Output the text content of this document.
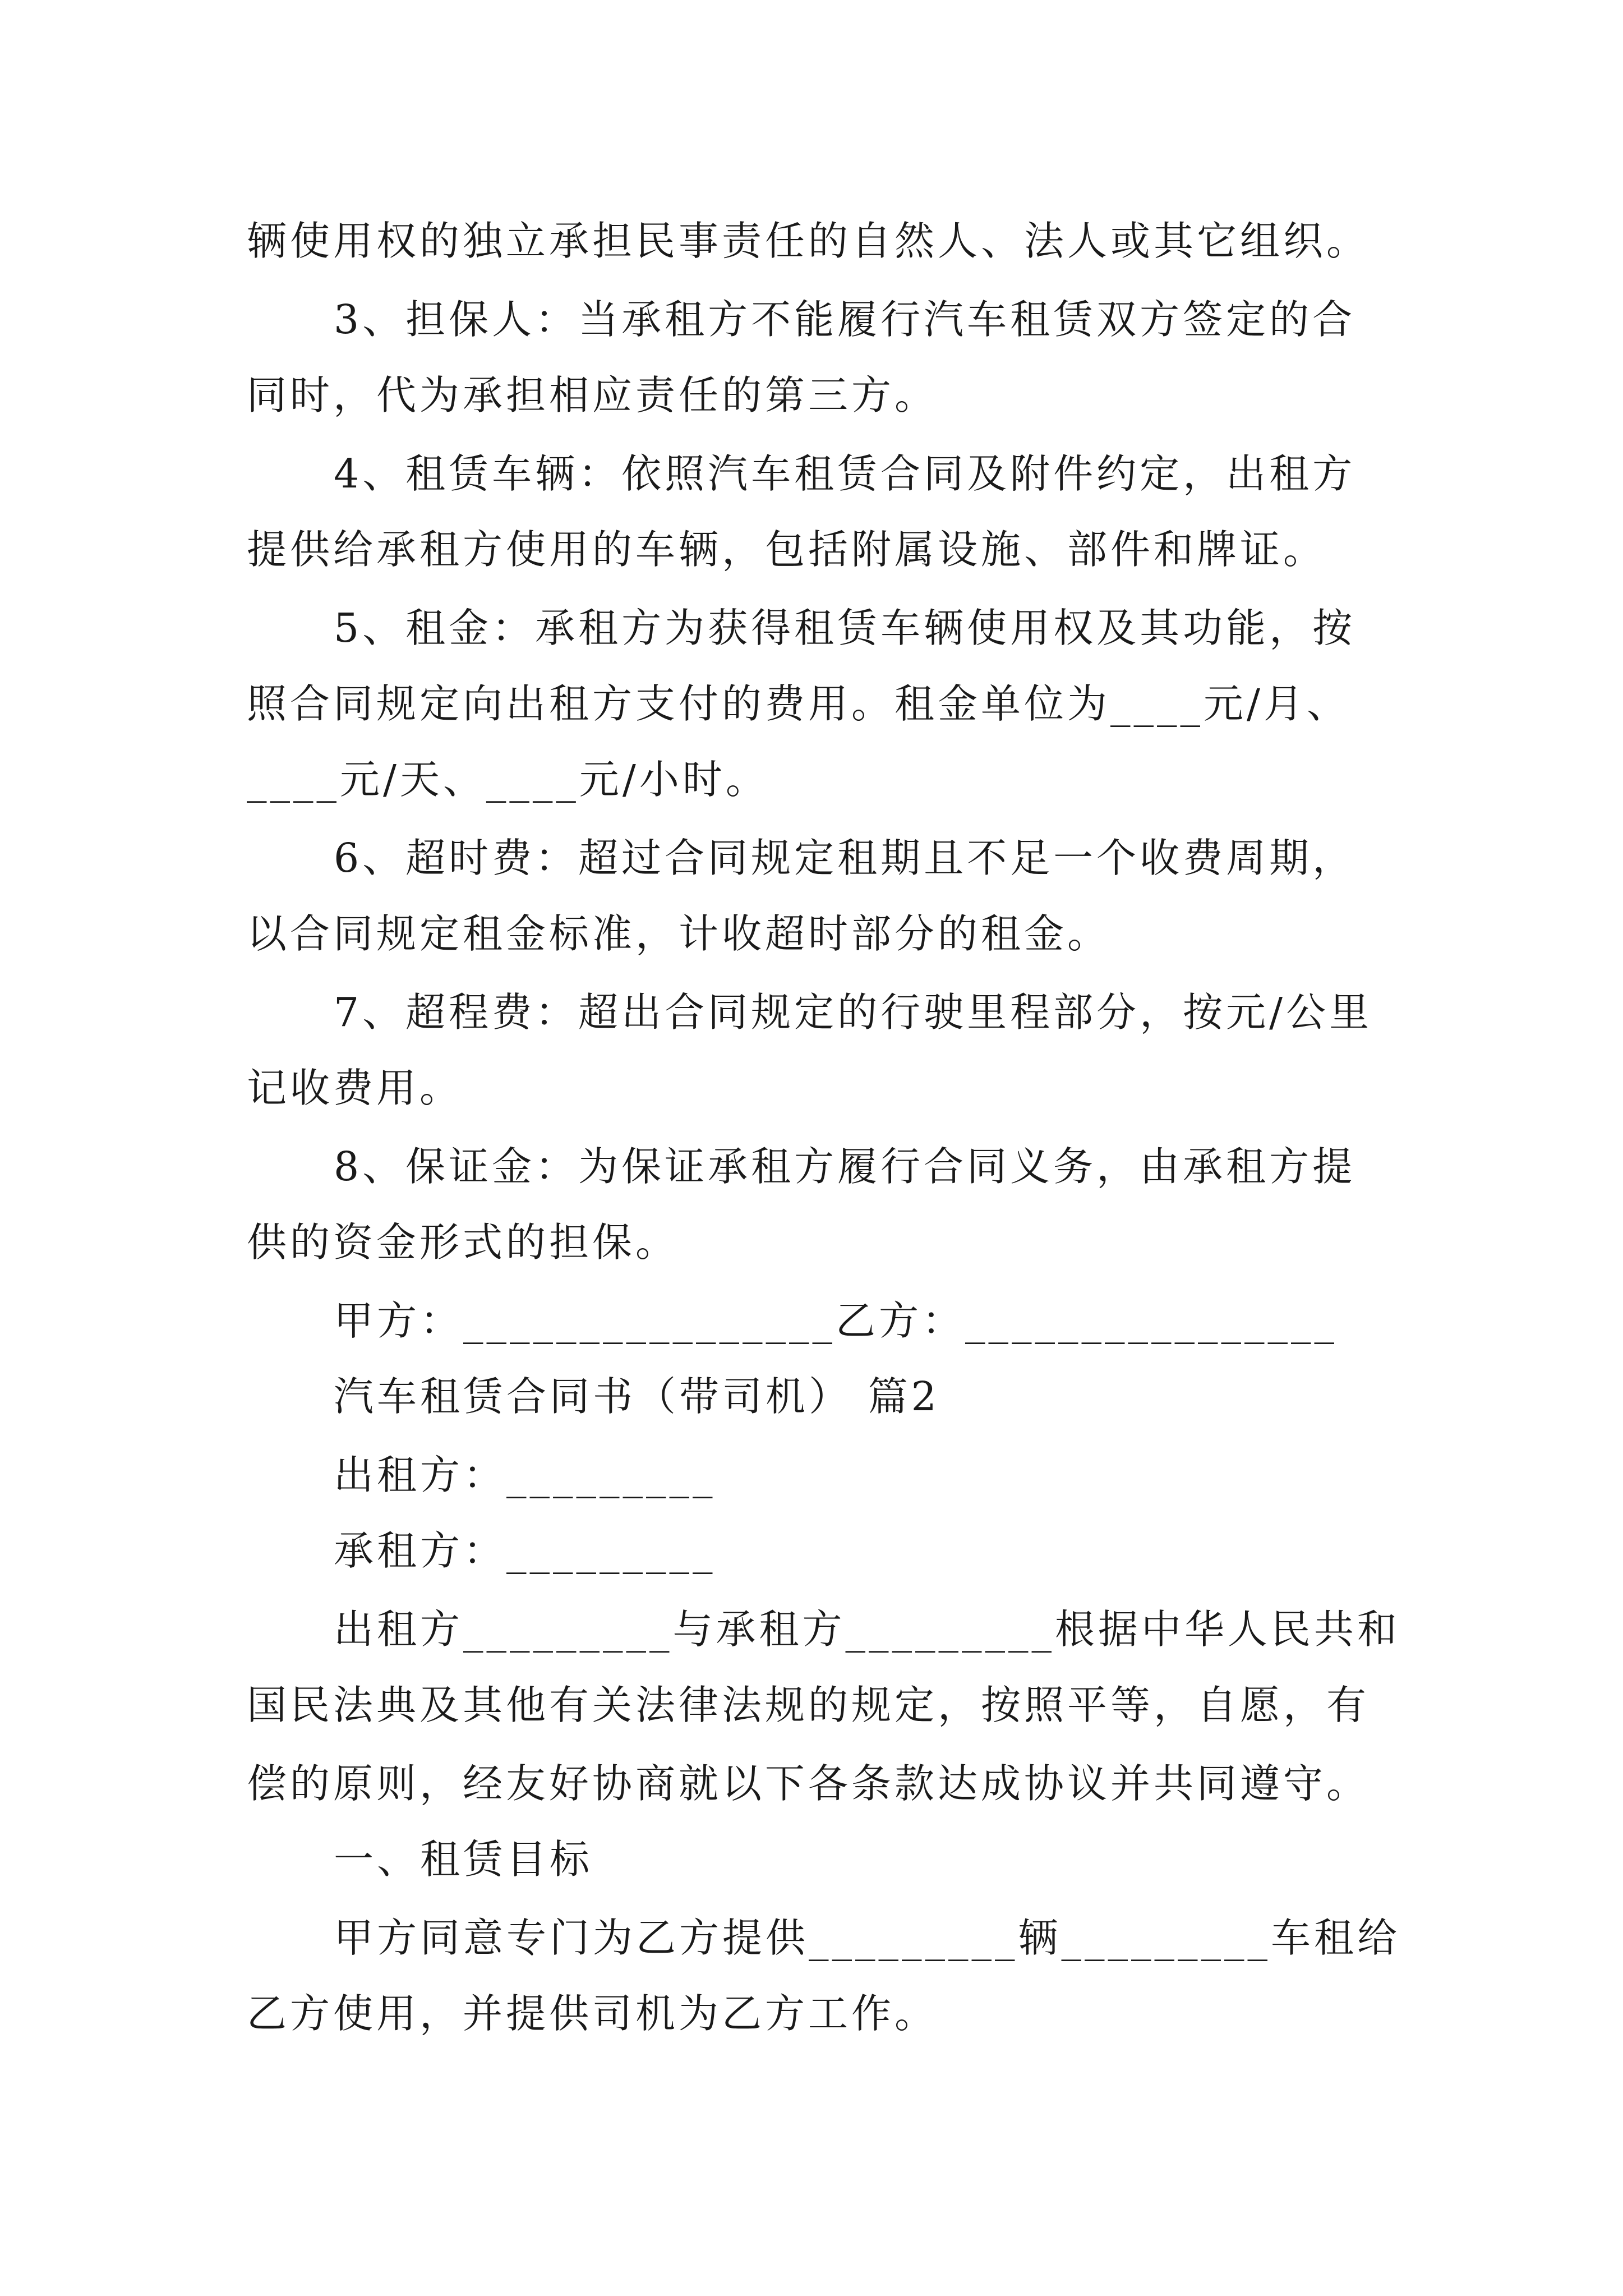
辆使用权的独立承担民事责任的自然人、法人或其它组织。
3、担保人：当承租方不能履行汽车租赁双方签定的合
同时，代为承担相应责任的第三方。
4、租赁车辆：依照汽车租赁合同及附件约定，出租方
提供给承租方使用的车辆，包括附属设施、部件和牌证。
5、租金：承租方为获得租赁车辆使用权及其功能，按
照合同规定向出租方支付的费用。租金单位为____元/月、
____元/天、____元/小时。
6、超时费：超过合同规定租期且不足一个收费周期，
以合同规定租金标准，计收超时部分的租金。
7、超程费：超出合同规定的行驶里程部分，按元/公里
记收费用。
8、保证金：为保证承租方履行合同义务，由承租方提
供的资金形式的担保。
甲方：________________乙方：________________
汽车租赁合同书（带司机） 篇2
出租方：_________
承租方：_________
出租方_________与承租方_________根据中华人民共和
国民法典及其他有关法律法规的规定，按照平等，自愿，有
偿的原则，经友好协商就以下各条款达成协议并共同遵守。
一、租赁目标
甲方同意专门为乙方提供_________辆_________车租给
乙方使用，并提供司机为乙方工作。
